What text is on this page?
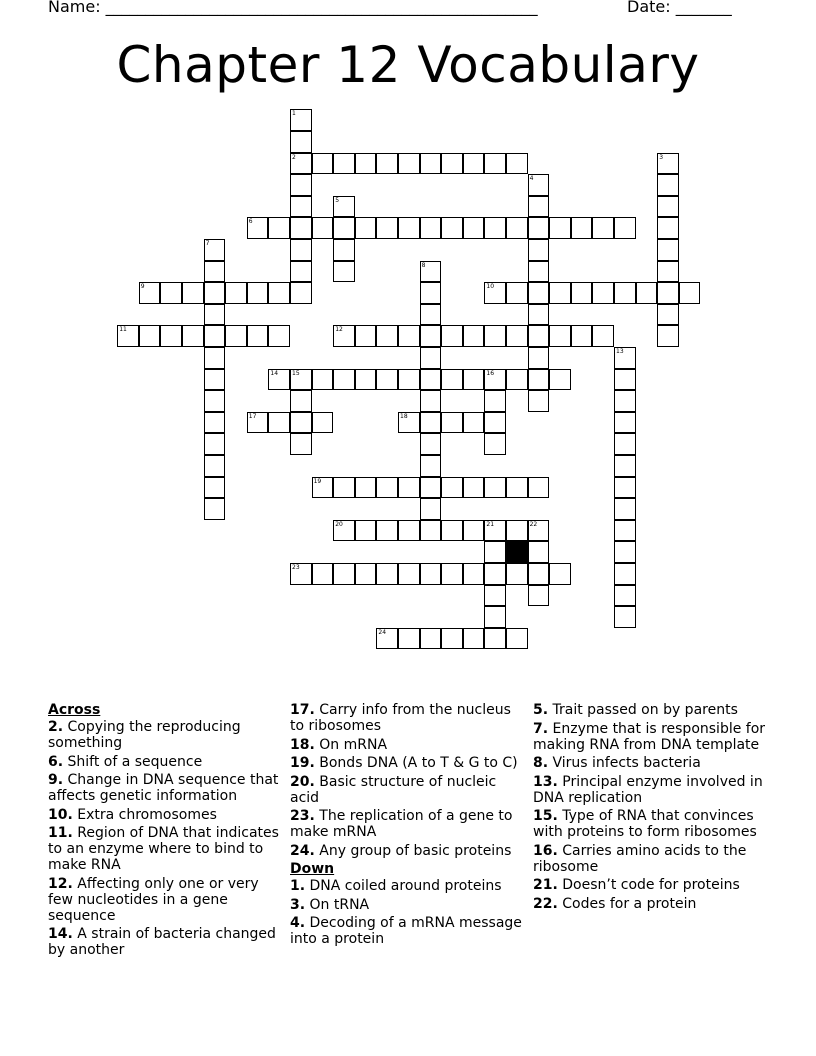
Name: ______________________________________________________	Date: _______
Chapter 12 Vocabulary
1
2	3
4
5
6
7
8
9	10
11	12
13
14 15	16
17	18
19
20	21	22
23
24
Across
2. Copying the reproducing something
6. Shift of a sequence
9. Change in DNA sequence that affects genetic information
10. Extra chromosomes
11. Region of DNA that indicates to an enzyme where to bind to make RNA
12. Affecting only one or very few nucleotides in a gene sequence
14. A strain of bacteria changed by another
17. Carry info from the nucleus to ribosomes
18. On mRNA
19. Bonds DNA (A to T & G to C)
20. Basic structure of nucleic acid
23. The replication of a gene to make mRNA
24. Any group of basic proteins
Down
1. DNA coiled around proteins
3. On tRNA
4. Decoding of a mRNA message into a protein
5. Trait passed on by parents
7. Enzyme that is responsible for making RNA from DNA template
8. Virus infects bacteria
13. Principal enzyme involved in DNA replication
15. Type of RNA that convinces with proteins to form ribosomes
16. Carries amino acids to the ribosome
21. Doesn’t code for proteins
22. Codes for a protein
